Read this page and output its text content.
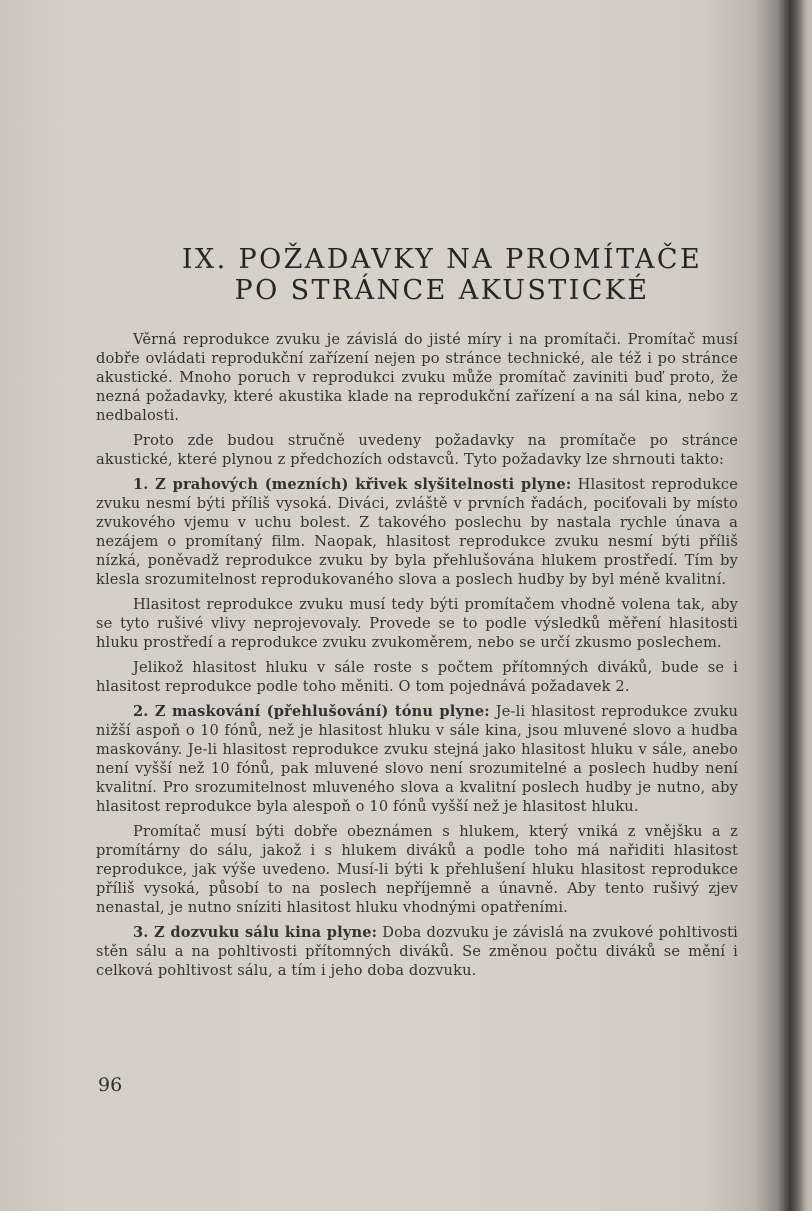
IX. POŽADAVKY NA PROMÍTAČE
PO STRÁNCE AKUSTICKÉ

Věrná reprodukce zvuku je závislá do jisté míry i na promítači. Promítač musí dobře ovládati reprodukční zařízení nejen po stránce technické, ale též i po stránce akustické. Mnoho poruch v reprodukci zvuku může promítač zaviniti buď proto, že nezná požadavky, které akustika klade na reprodukční zařízení a na sál kina, nebo z nedbalosti.

Proto zde budou stručně uvedeny požadavky na promítače po stránce akustické, které plynou z předchozích odstavců. Tyto požadavky lze shrnouti takto:

1. Z prahových (mezních) křivek slyšitelnosti plyne: Hlasitost reprodukce zvuku nesmí býti příliš vysoká. Diváci, zvláště v prvních řadách, pociťovali by místo zvukového vjemu v uchu bolest. Z takového poslechu by nastala rychle únava a nezájem o promítaný film. Naopak, hlasitost reprodukce zvuku nesmí býti příliš nízká, poněvadž reprodukce zvuku by byla přehlušována hlukem prostředí. Tím by klesla srozumitelnost reprodukovaného slova a poslech hudby by byl méně kvalitní.

Hlasitost reprodukce zvuku musí tedy býti promítačem vhodně volena tak, aby se tyto rušivé vlivy neprojevovaly. Provede se to podle výsledků měření hlasitosti hluku prostředí a reprodukce zvuku zvukoměrem, nebo se určí zkusmo poslechem.

Jelikož hlasitost hluku v sále roste s počtem přítomných diváků, bude se i hlasitost reprodukce podle toho měniti. O tom pojednává požadavek 2.

2. Z maskování (přehlušování) tónu plyne: Je-li hlasitost reprodukce zvuku nižší aspoň o 10 fónů, než je hlasitost hluku v sále kina, jsou mluvené slovo a hudba maskovány. Je-li hlasitost reprodukce zvuku stejná jako hlasitost hluku v sále, anebo není vyšší než 10 fónů, pak mluvené slovo není srozumitelné a poslech hudby není kvalitní. Pro srozumitelnost mluveného slova a kvalitní poslech hudby je nutno, aby hlasitost reprodukce byla alespoň o 10 fónů vyšší než je hlasitost hluku.

Promítač musí býti dobře obeznámen s hlukem, který vniká z vnějšku a z promítárny do sálu, jakož i s hlukem diváků a podle toho má nařiditi hlasitost reprodukce, jak výše uvedeno. Musí-li býti k přehlušení hluku hlasitost reprodukce příliš vysoká, působí to na poslech nepříjemně a únavně. Aby tento rušivý zjev nenastal, je nutno sníziti hlasitost hluku vhodnými opatřeními.

3. Z dozvuku sálu kina plyne: Doba dozvuku je závislá na zvukové pohltivosti stěn sálu a na pohltivosti přítomných diváků. Se změnou počtu diváků se mění i celková pohltivost sálu, a tím i jeho doba dozvuku.

96
